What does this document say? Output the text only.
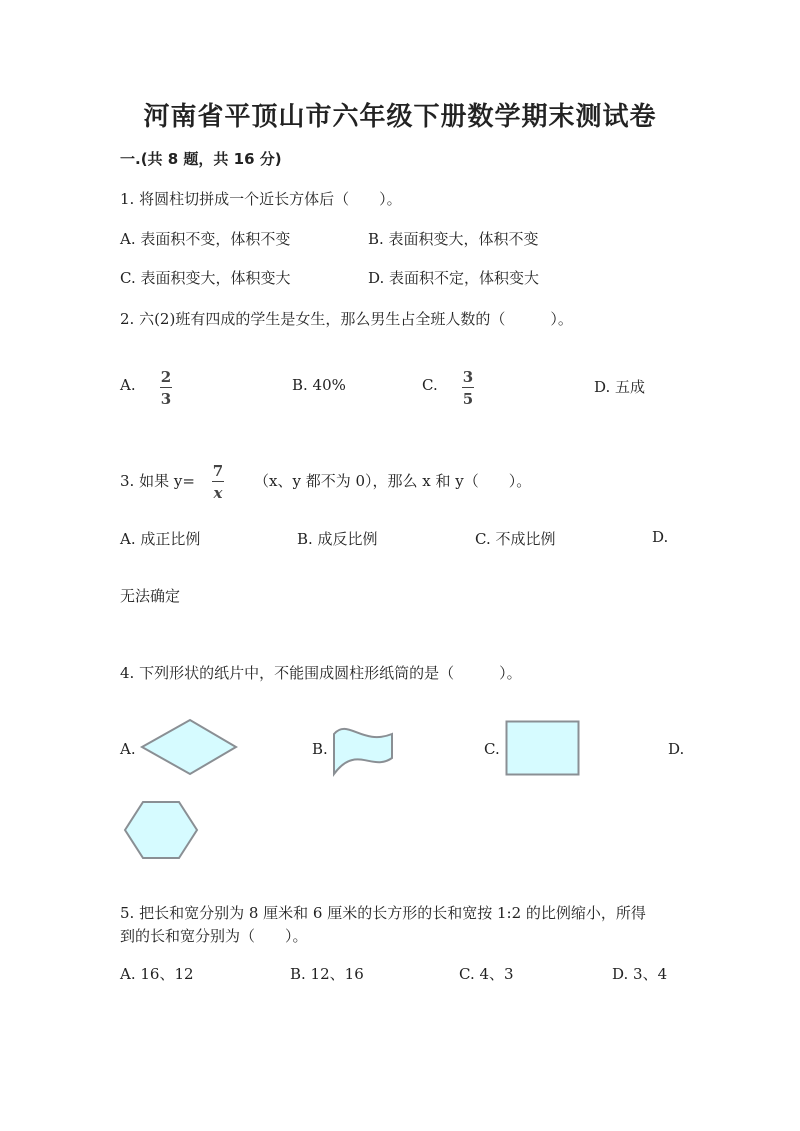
河南省平顶山市六年级下册数学期末测试卷
一.(共 8 题，共 16 分)
1. 将圆柱切拼成一个近长方体后（　　）。
A. 表面积不变，体积不变	B. 表面积变大，体积不变
C. 表面积变大，体积变大	D. 表面积不定，体积变大
2. 六(2)班有四成的学生是女生，那么男生占全班人数的（　　　）。
A. 2
3
B. 40%	C. 3
5
D. 五成
3. 如果 y=
7
x
（x、y 都不为 0），那么 x 和 y（　　）。
A. 成正比例	B. 成反比例	C. 不成比例	D.
无法确定
4. 下列形状的纸片中，不能围成圆柱形纸筒的是（　　　）。
A.	B.	C.	D.
5. 把长和宽分别为 8 厘米和 6 厘米的长方形的长和宽按 1:2 的比例缩小，所得
到的长和宽分别为（　　）。
A. 16、12	B. 12、16	C. 4、3	D. 3、4
